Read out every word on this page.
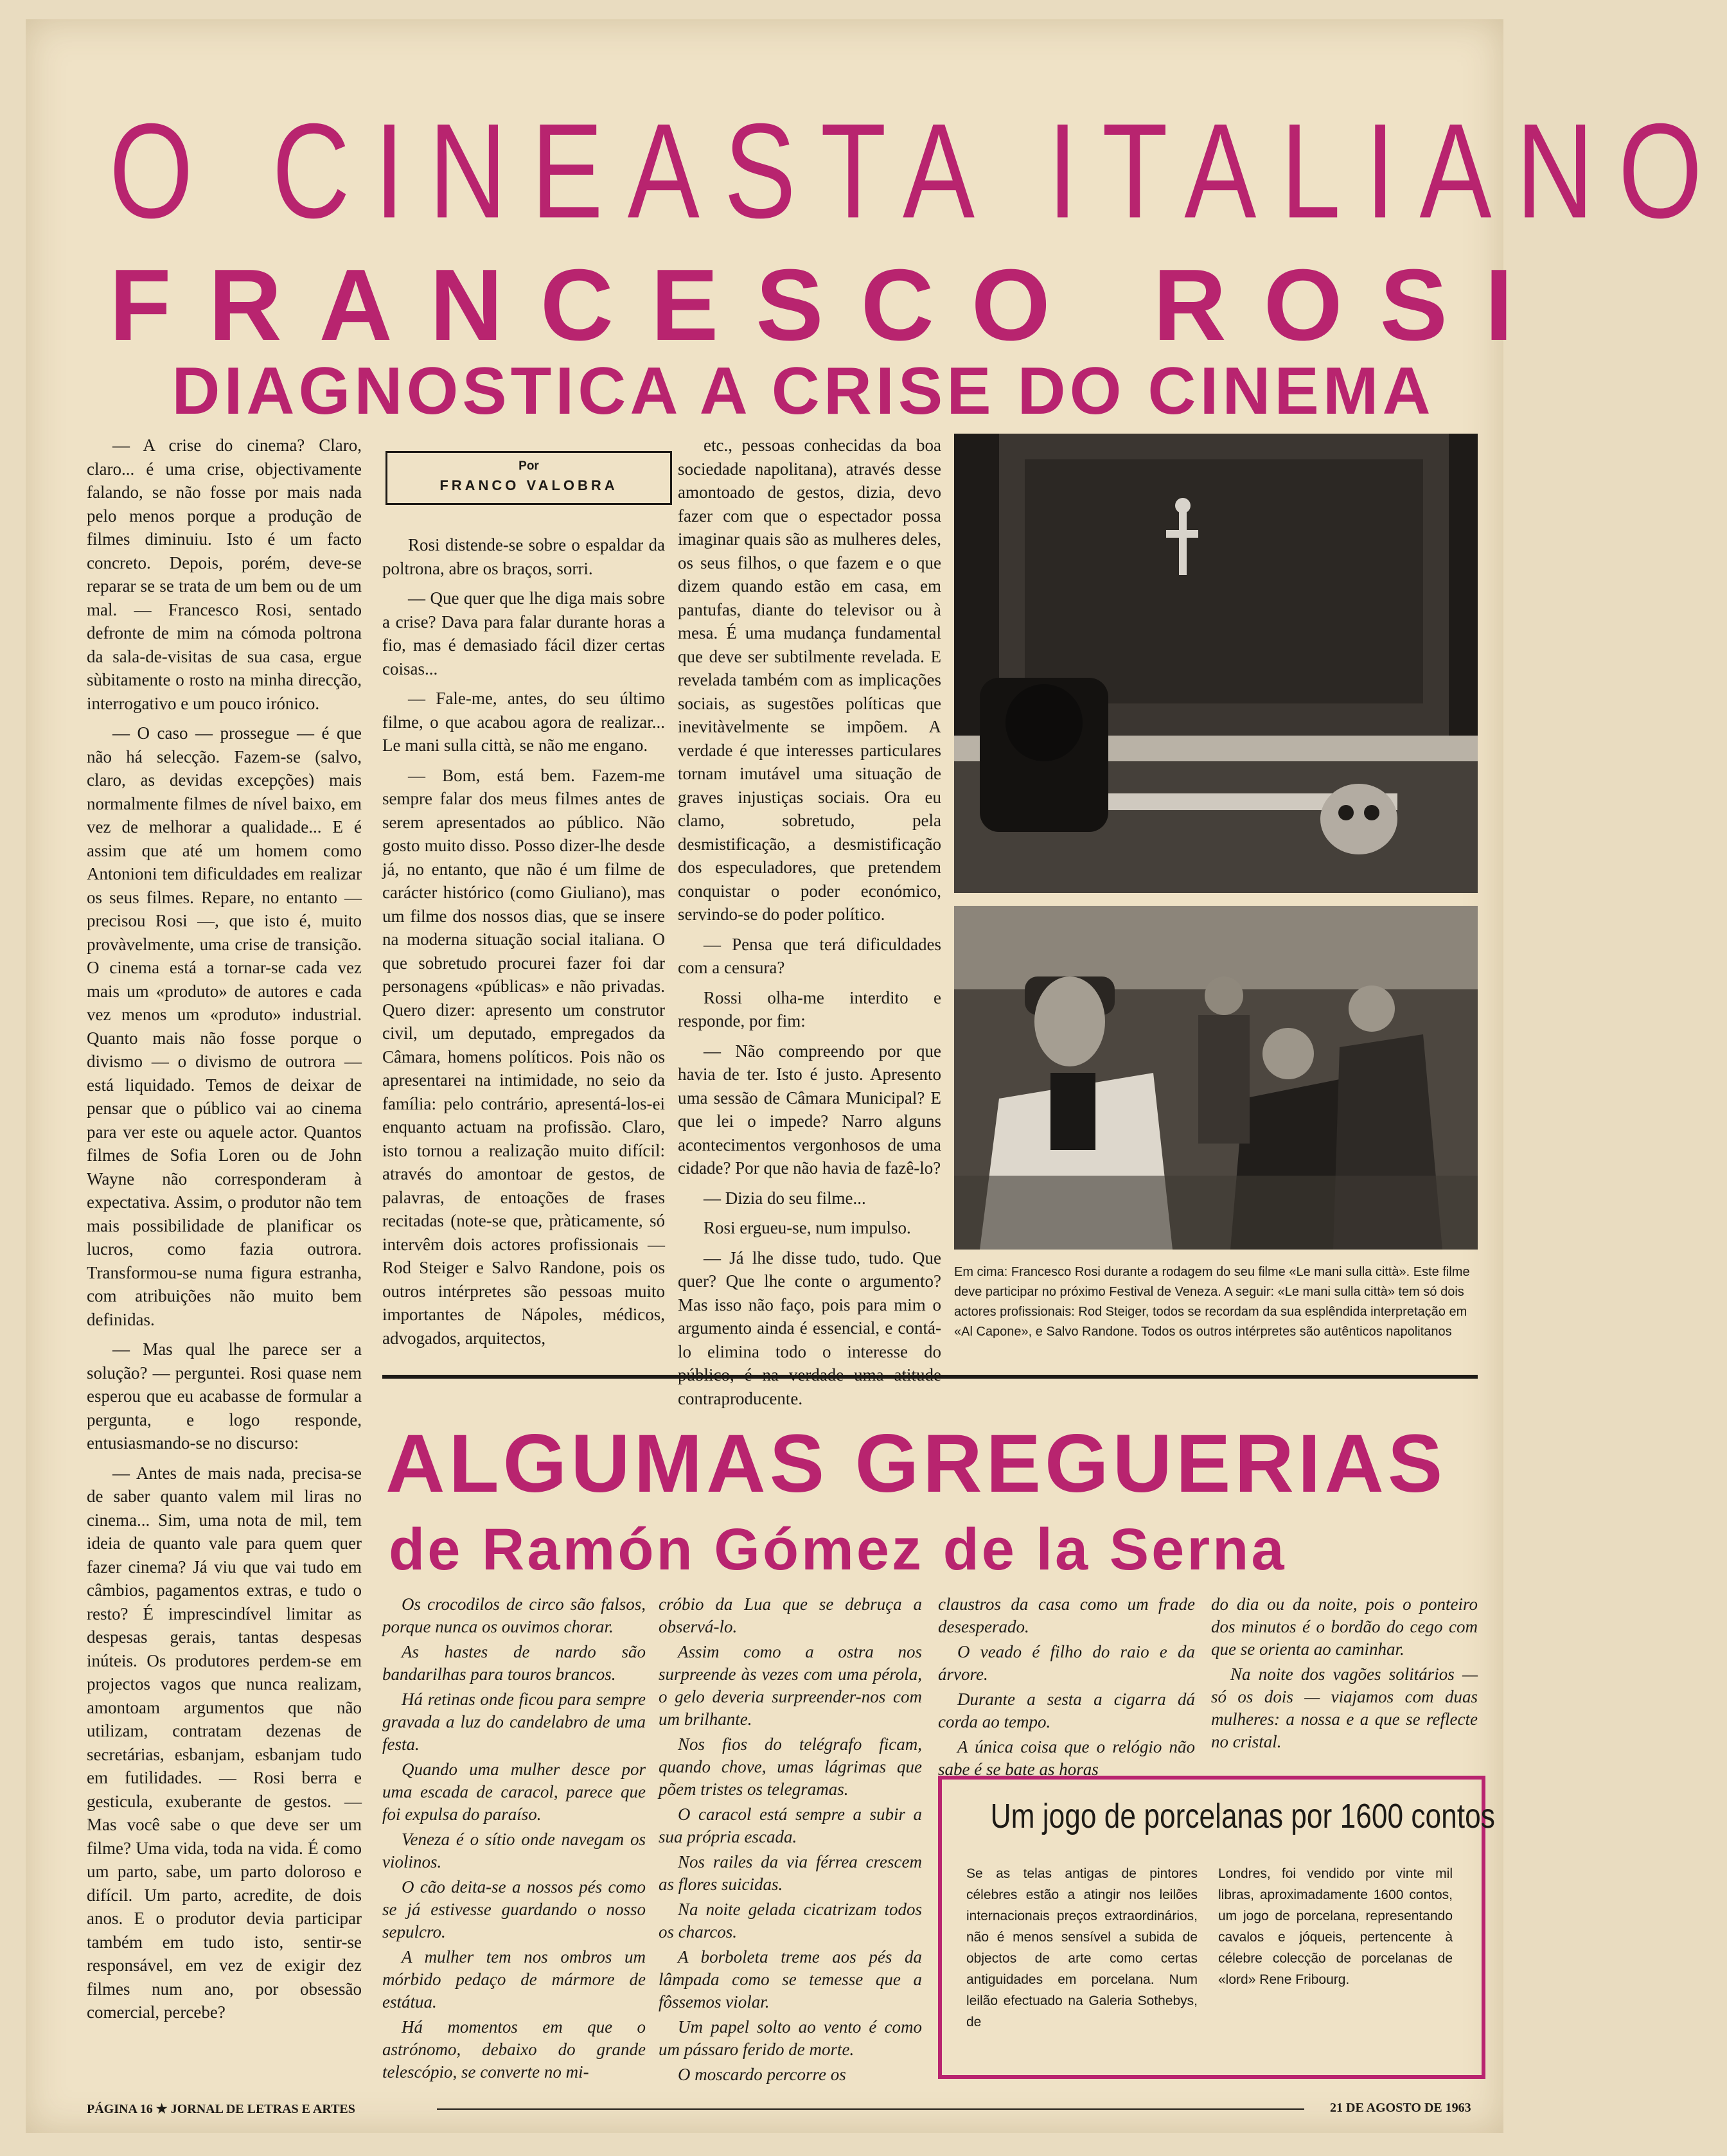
O CINEASTA ITALIANO
FRANCESCO ROSI
DIAGNOSTICA A CRISE DO CINEMA

— A crise do cinema? Claro, claro... é uma crise, objectivamente falando, se não fosse por mais nada pelo menos porque a produção de filmes diminuiu. Isto é um facto concreto. Depois, porém, deve-se reparar se se trata de um bem ou de um mal. — Francesco Rosi, sentado defronte de mim na cómoda poltrona da sala-de-visitas de sua casa, ergue sùbitamente o rosto na minha direcção, interrogativo e um pouco irónico.

— O caso — prossegue — é que não há selecção. Fazem-se (salvo, claro, as devidas excepções) mais normalmente filmes de nível baixo, em vez de melhorar a qualidade... E é assim que até um homem como Antonioni tem dificuldades em realizar os seus filmes. Repare, no entanto — precisou Rosi —, que isto é, muito provàvelmente, uma crise de transição. O cinema está a tornar-se cada vez mais um «produto» de autores e cada vez menos um «produto» industrial. Quanto mais não fosse porque o divismo — o divismo de outrora — está liquidado. Temos de deixar de pensar que o público vai ao cinema para ver este ou aquele actor. Quantos filmes de Sofia Loren ou de John Wayne não corresponderam à expectativa. Assim, o produtor não tem mais possibilidade de planificar os lucros, como fazia outrora. Transformou-se numa figura estranha, com atribuições não muito bem definidas.

— Mas qual lhe parece ser a solução? — perguntei. Rosi quase nem esperou que eu acabasse de formular a pergunta, e logo responde, entusiasmando-se no discurso:

— Antes de mais nada, precisa-se de saber quanto valem mil liras no cinema... Sim, uma nota de mil, tem ideia de quanto vale para quem quer fazer cinema? Já viu que vai tudo em câmbios, pagamentos extras, e tudo o resto? É imprescindível limitar as despesas gerais, tantas despesas inúteis. Os produtores perdem-se em projectos vagos que nunca realizam, amontoam argumentos que não utilizam, contratam dezenas de secretárias, esbanjam, esbanjam tudo em futilidades. — Rosi berra e gesticula, exuberante de gestos. — Mas você sabe o que deve ser um filme? Uma vida, toda na vida. É como um parto, sabe, um parto doloroso e difícil. Um parto, acredite, de dois anos. E o produtor devia participar também em tudo isto, sentir-se responsável, em vez de exigir dez filmes num ano, por obsessão comercial, percebe?

Por
FRANCO VALOBRA

Rosi distende-se sobre o espaldar da poltrona, abre os braços, sorri.

— Que quer que lhe diga mais sobre a crise? Dava para falar durante horas a fio, mas é demasiado fácil dizer certas coisas...

— Fale-me, antes, do seu último filme, o que acabou agora de realizar... Le mani sulla città, se não me engano.

— Bom, está bem. Fazem-me sempre falar dos meus filmes antes de serem apresentados ao público. Não gosto muito disso. Posso dizer-lhe desde já, no entanto, que não é um filme de carácter histórico (como Giuliano), mas um filme dos nossos dias, que se insere na moderna situação social italiana. O que sobretudo procurei fazer foi dar personagens «públicas» e não privadas. Quero dizer: apresento um construtor civil, um deputado, empregados da Câmara, homens políticos. Pois não os apresentarei na intimidade, no seio da família: pelo contrário, apresentá-los-ei enquanto actuam na profissão. Claro, isto tornou a realização muito difícil: através do amontoar de gestos, de palavras, de entoações de frases recitadas (note-se que, pràticamente, só intervêm dois actores profissionais — Rod Steiger e Salvo Randone, pois os outros intérpretes são pessoas muito importantes de Nápoles, médicos, advogados, arquitectos,

etc., pessoas conhecidas da boa sociedade napolitana), através desse amontoado de gestos, dizia, devo fazer com que o espectador possa imaginar quais são as mulheres deles, os seus filhos, o que fazem e o que dizem quando estão em casa, em pantufas, diante do televisor ou à mesa. É uma mudança fundamental que deve ser subtilmente revelada. E revelada também com as implicações sociais, as sugestões políticas que inevitàvelmente se impõem. A verdade é que interesses particulares tornam imutável uma situação de graves injustiças sociais. Ora eu clamo, sobretudo, pela desmistificação, a desmistificação dos especuladores, que pretendem conquistar o poder económico, servindo-se do poder político.

— Pensa que terá dificuldades com a censura?

Rossi olha-me interdito e responde, por fim:

— Não compreendo por que havia de ter. Isto é justo. Apresento uma sessão de Câmara Municipal? E que lei o impede? Narro alguns acontecimentos vergonhosos de uma cidade? Por que não havia de fazê-lo?

— Dizia do seu filme...

Rosi ergueu-se, num impulso.

— Já lhe disse tudo, tudo. Que quer? Que lhe conte o argumento? Mas isso não faço, pois para mim o argumento ainda é essencial, e contá-lo elimina todo o interesse do contraproducente.

Em cima: Francesco Rosi durante a rodagem do seu filme «Le mani sulla città». Este filme deve participar no próximo Festival de Veneza. A seguir: «Le mani sulla città» tem só dois actores profissionais: Rod Steiger, todos se recordam da sua esplêndida interpretação em «Al Capone», e Salvo Randone. Todos os outros intérpretes são autênticos napolitanos
ALGUMAS GREGUERIAS
de Ramón Gómez de la Serna

Os crocodilos de circo são falsos, porque nunca os ouvimos chorar.

As hastes de nardo são bandarilhas para touros brancos.

Há retinas onde ficou para sempre gravada a luz do candelabro de uma festa.

Quando uma mulher desce por uma escada de caracol, parece que foi expulsa do paraíso.

Veneza é o sítio onde navegam os violinos.

O cão deita-se a nossos pés como se já estivesse guardando o nosso sepulcro.

A mulher tem nos ombros um mórbido pedaço de mármore de estátua.

Há momentos em que o astrónomo, debaixo do grande telescópio, se converte no mi-

cróbio da Lua que se debruça a observá-lo.

Assim como a ostra nos surpreende às vezes com uma pérola, o gelo deveria surpreender-nos com um brilhante.

Nos fios do telégrafo ficam, quando chove, umas lágrimas que põem tristes os telegramas.

O caracol está sempre a subir a sua própria escada.

Nos railes da via férrea crescem as flores suicidas.

Na noite gelada cicatrizam todos os charcos.

A borboleta treme aos pés da lâmpada como se temesse que a fôssemos violar.

Um papel solto ao vento é como um pássaro ferido de morte.

O moscardo percorre os

claustros da casa como um frade desesperado.

O veado é filho do raio e da árvore.

Durante a sesta a cigarra dá corda ao tempo.

A única coisa que o relógio não sabe é se bate as horas

do dia ou da noite, pois o ponteiro dos minutos é o bordão do cego com que se orienta ao caminhar.

Na noite dos vagões solitários — só os dois — viajamos com duas mulheres: a nossa e a que se reflecte no cristal.

Um jogo de porcelanas por 1600 contos
Se as telas antigas de pintores célebres estão a atingir nos leilões internacionais preços extraordinários, não é menos sensível a subida de objectos de arte como certas antiguidades em porcelana. Num leilão efectuado na Galeria Sothebys, de
Londres, foi vendido por vinte mil libras, aproximadamente 1600 contos, um jogo de porcelana, representando cavalos e jóqueis, pertencente à célebre colecção de porcelanas de «lord» Rene Fribourg.
PÁGINA 16 ★ JORNAL DE LETRAS E ARTES	21 DE AGOSTO DE 1963
